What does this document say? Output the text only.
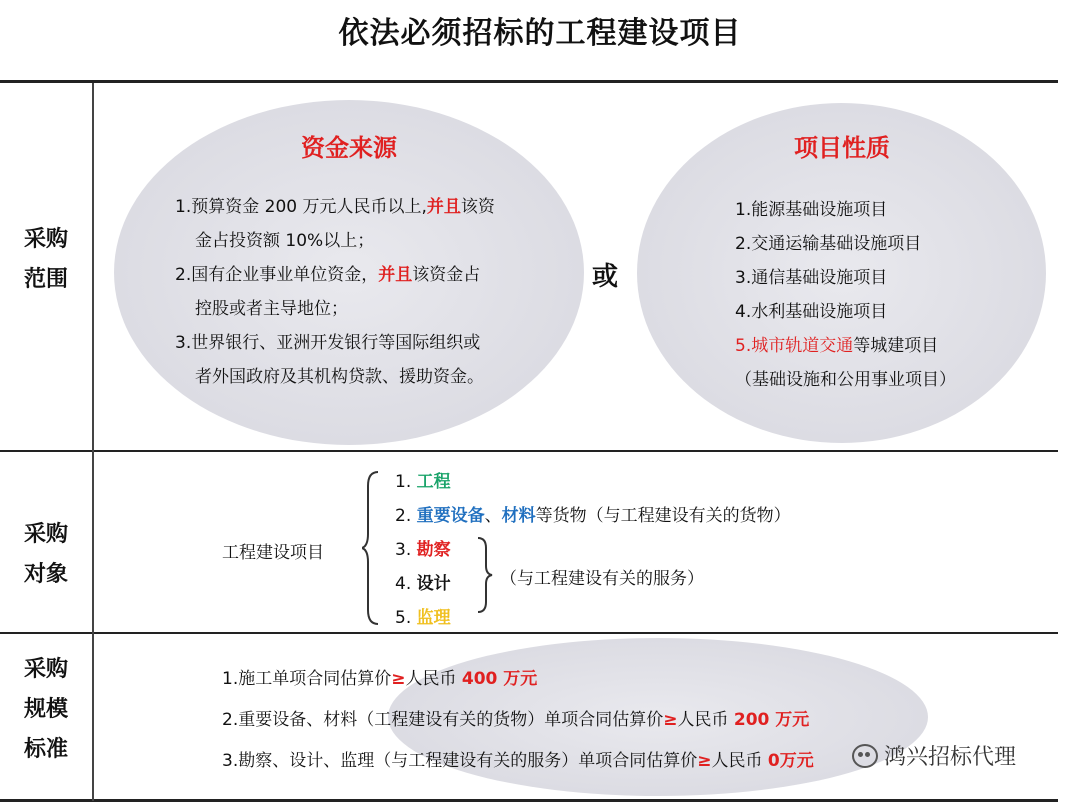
依法必须招标的工程建设项目
采购范围
采购对象
采购规模标准
资金来源
1.预算资金 200 万元人民币以上,并且该资
金占投资额 10%以上；
2.国有企业事业单位资金，并且该资金占
控股或者主导地位；
3.世界银行、亚洲开发银行等国际组织或
者外国政府及其机构贷款、援助资金。
或
项目性质
1.能源基础设施项目
2.交通运输基础设施项目
3.通信基础设施项目
4.水利基础设施项目
5.城市轨道交通等城建项目
（基础设施和公用事业项目）
工程建设项目
1. 工程
2. 重要设备、材料等货物（与工程建设有关的货物）
3. 勘察
4. 设计
5. 监理
（与工程建设有关的服务）
1.施工单项合同估算价≥人民币 400 万元
2.重要设备、材料（工程建设有关的货物）单项合同估算价≥人民币 200 万元
3.勘察、设计、监理（与工程建设有关的服务）单项合同估算价≥人民币 0万元	鸿兴招标代理
